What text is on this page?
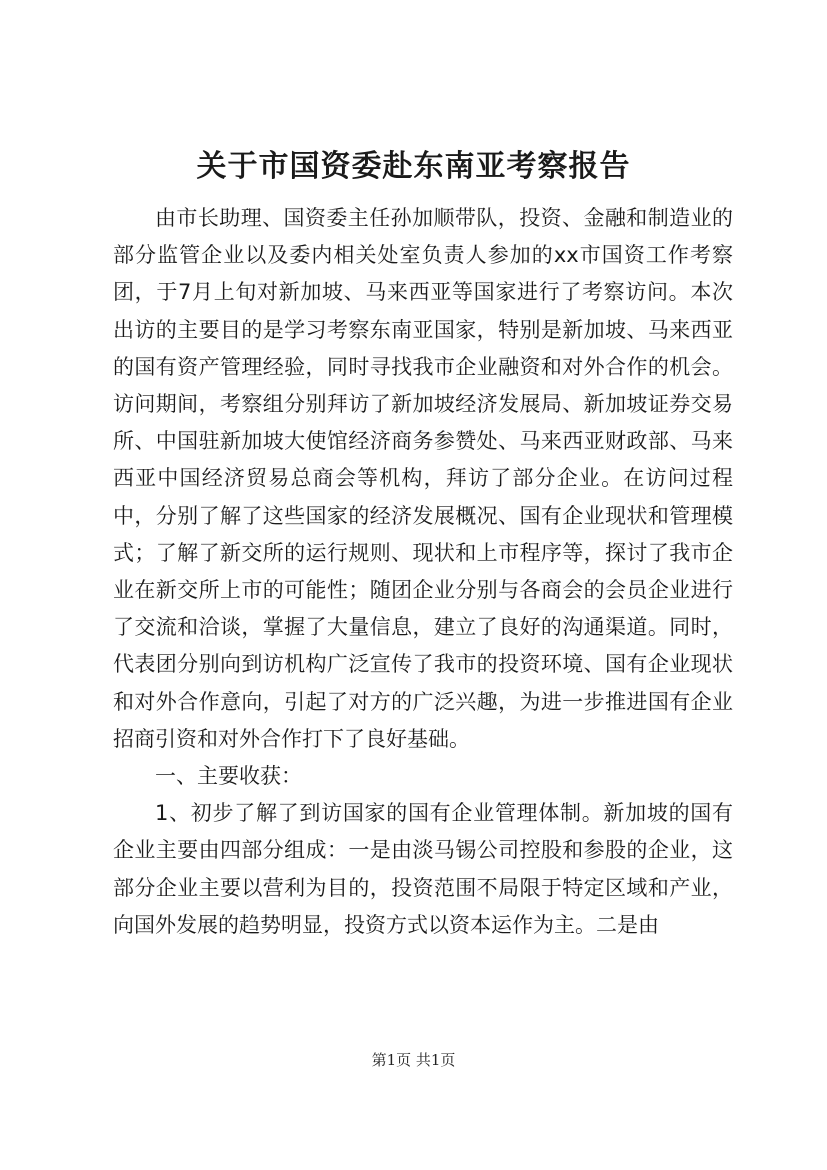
关于市国资委赴东南亚考察报告

由市长助理、国资委主任孙加顺带队，投资、金融和制造业的部分监管企业以及委内相关处室负责人参加的xx市国资工作考察团，于7月上旬对新加坡、马来西亚等国家进行了考察访问。本次出访的主要目的是学习考察东南亚国家，特别是新加坡、马来西亚的国有资产管理经验，同时寻找我市企业融资和对外合作的机会。访问期间，考察组分别拜访了新加坡经济发展局、新加坡证券交易所、中国驻新加坡大使馆经济商务参赞处、马来西亚财政部、马来西亚中国经济贸易总商会等机构，拜访了部分企业。在访问过程中，分别了解了这些国家的经济发展概况、国有企业现状和管理模式；了解了新交所的运行规则、现状和上市程序等，探讨了我市企业在新交所上市的可能性；随团企业分别与各商会的会员企业进行了交流和洽谈，掌握了大量信息，建立了良好的沟通渠道。同时，代表团分别向到访机构广泛宣传了我市的投资环境、国有企业现状和对外合作意向，引起了对方的广泛兴趣，为进一步推进国有企业招商引资和对外合作打下了良好基础。

一、主要收获：

1、初步了解了到访国家的国有企业管理体制。新加坡的国有企业主要由四部分组成：一是由淡马锡公司控股和参股的企业，这部分企业主要以营利为目的，投资范围不局限于特定区域和产业，向国外发展的趋势明显，投资方式以资本运作为主。二是由

第1页 共1页
